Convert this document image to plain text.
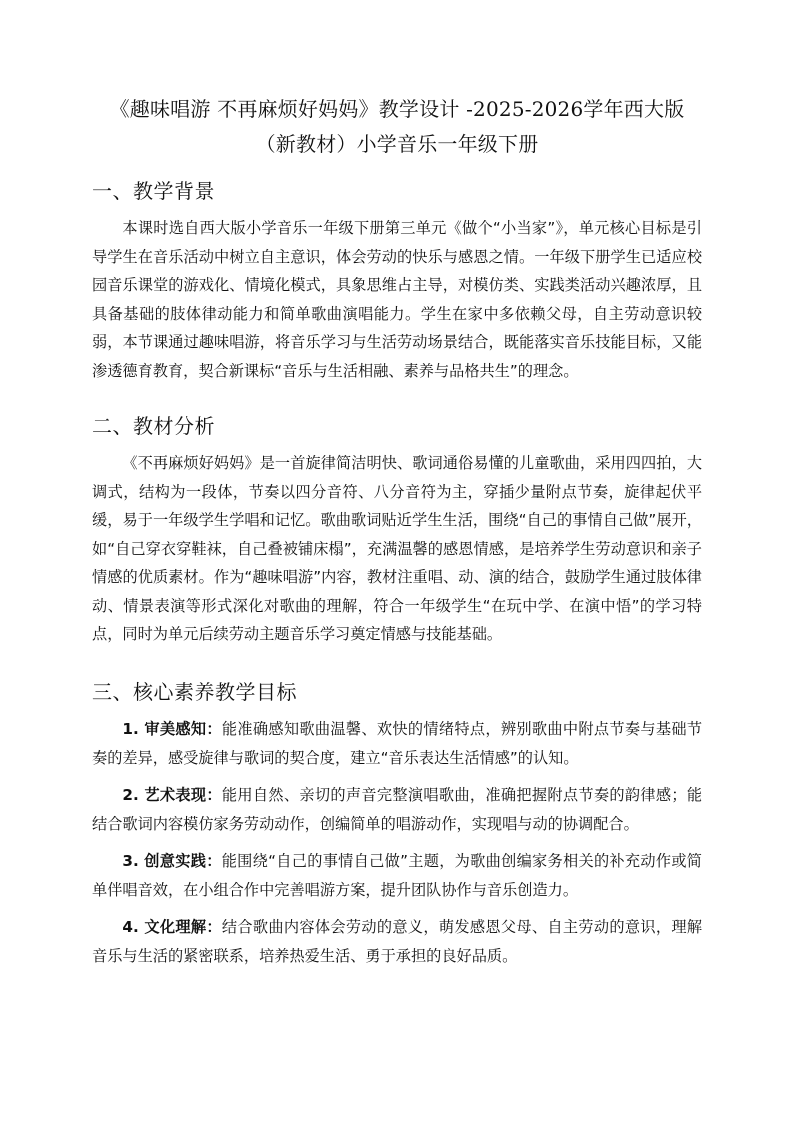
《趣味唱游 不再麻烦好妈妈》教学设计 -2025-2026学年西大版（新教材）小学音乐一年级下册
一、教学背景

本课时选自西大版小学音乐一年级下册第三单元《做个“小当家”》，单元核心目标是引导学生在音乐活动中树立自主意识，体会劳动的快乐与感恩之情。一年级下册学生已适应校园音乐课堂的游戏化、情境化模式，具象思维占主导，对模仿类、实践类活动兴趣浓厚，且具备基础的肢体律动能力和简单歌曲演唱能力。学生在家中多依赖父母，自主劳动意识较弱，本节课通过趣味唱游，将音乐学习与生活劳动场景结合，既能落实音乐技能目标，又能渗透德育教育，契合新课标“音乐与生活相融、素养与品格共生”的理念。

二、教材分析

《不再麻烦好妈妈》是一首旋律简洁明快、歌词通俗易懂的儿童歌曲，采用四四拍，大调式，结构为一段体，节奏以四分音符、八分音符为主，穿插少量附点节奏，旋律起伏平缓，易于一年级学生学唱和记忆。歌曲歌词贴近学生生活，围绕“自己的事情自己做”展开，如“自己穿衣穿鞋袜，自己叠被铺床榻”，充满温馨的感恩情感，是培养学生劳动意识和亲子情感的优质素材。作为“趣味唱游”内容，教材注重唱、动、演的结合，鼓励学生通过肢体律动、情景表演等形式深化对歌曲的理解，符合一年级学生“在玩中学、在演中悟”的学习特点，同时为单元后续劳动主题音乐学习奠定情感与技能基础。

三、核心素养教学目标

1. 审美感知：能准确感知歌曲温馨、欢快的情绪特点，辨别歌曲中附点节奏与基础节奏的差异，感受旋律与歌词的契合度，建立“音乐表达生活情感”的认知。

2. 艺术表现：能用自然、亲切的声音完整演唱歌曲，准确把握附点节奏的韵律感；能结合歌词内容模仿家务劳动动作，创编简单的唱游动作，实现唱与动的协调配合。

3. 创意实践：能围绕“自己的事情自己做”主题，为歌曲创编家务相关的补充动作或简单伴唱音效，在小组合作中完善唱游方案，提升团队协作与音乐创造力。

4. 文化理解：结合歌曲内容体会劳动的意义，萌发感恩父母、自主劳动的意识，理解音乐与生活的紧密联系，培养热爱生活、勇于承担的良好品质。
